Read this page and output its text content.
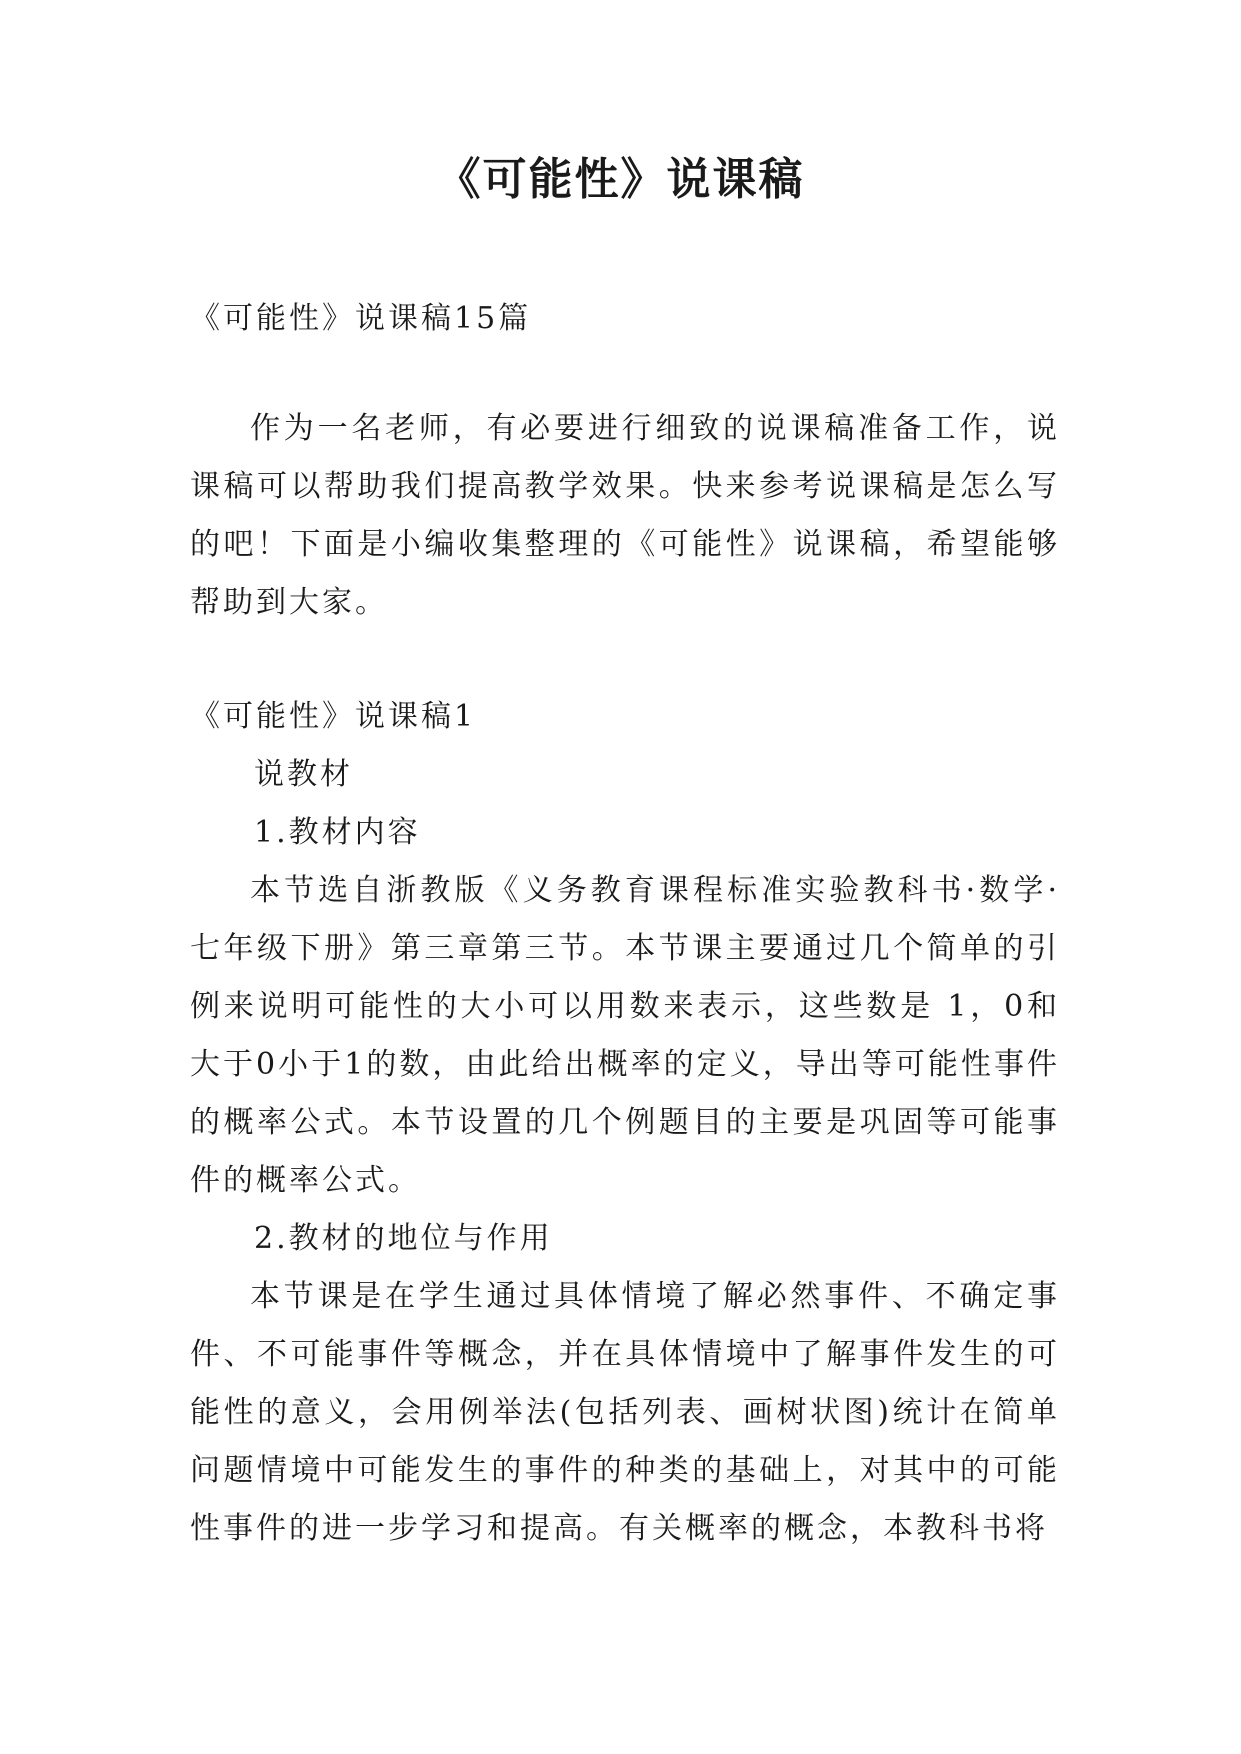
《可能性》说课稿

《可能性》说课稿15篇

作为一名老师，有必要进行细致的说课稿准备工作，说课稿可以帮助我们提高教学效果。快来参考说课稿是怎么写的吧！下面是小编收集整理的《可能性》说课稿，希望能够帮助到大家。

《可能性》说课稿1

说教材

1.教材内容

本节选自浙教版《义务教育课程标准实验教科书·数学·七年级下册》第三章第三节。本节课主要通过几个简单的引例来说明可能性的大小可以用数来表示，这些数是 1，0和大于0小于1的数，由此给出概率的定义，导出等可能性事件的概率公式。本节设置的几个例题目的主要是巩固等可能事件的概率公式。

2.教材的地位与作用

本节课是在学生通过具体情境了解必然事件、不确定事件、不可能事件等概念，并在具体情境中了解事件发生的可能性的意义，会用例举法(包括列表、画树状图)统计在简单问题情境中可能发生的事件的种类的基础上，对其中的可能性事件的进一步学习和提高。有关概率的概念，本教科书将
